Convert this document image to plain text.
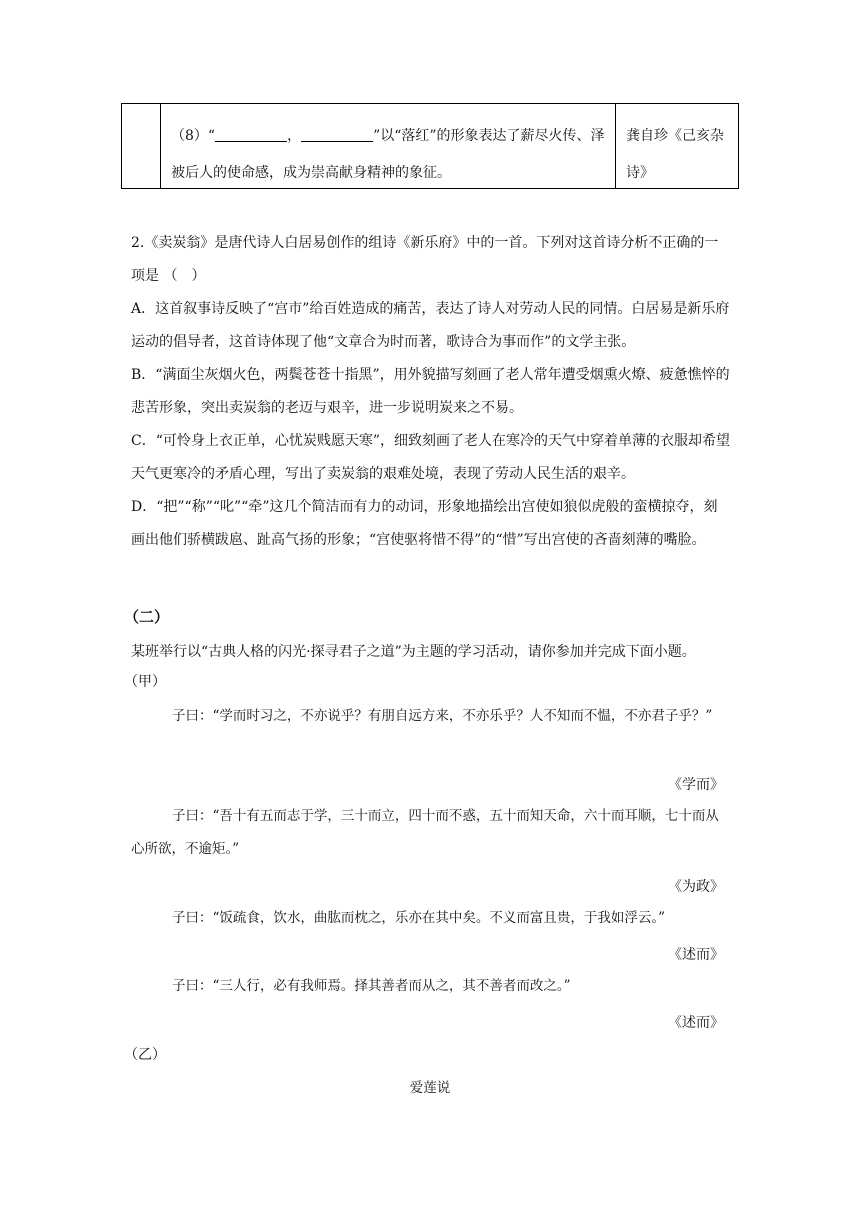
（8）“	，	”以“落红”的形象表达了薪尽火传、泽被后人的使命感，成为崇高献身精神的象征。
龚自珍《己亥杂诗》

2.《卖炭翁》是唐代诗人白居易创作的组诗《新乐府》中的一首。下列对这首诗分析不正确的一项是 （　）

A．这首叙事诗反映了“宫市”给百姓造成的痛苦，表达了诗人对劳动人民的同情。白居易是新乐府运动的倡导者，这首诗体现了他“文章合为时而著，歌诗合为事而作”的文学主张。

B．“满面尘灰烟火色，两鬓苍苍十指黑”，用外貌描写刻画了老人常年遭受烟熏火燎、疲惫憔悴的悲苦形象，突出卖炭翁的老迈与艰辛，进一步说明炭来之不易。

C．“可怜身上衣正单，心忧炭贱愿天寒”，细致刻画了老人在寒冷的天气中穿着单薄的衣服却希望天气更寒冷的矛盾心理，写出了卖炭翁的艰难处境，表现了劳动人民生活的艰辛。

D．“把”“称”“叱”“牵”这几个简洁而有力的动词，形象地描绘出宫使如狼似虎般的蛮横掠夺，刻画出他们骄横跋扈、趾高气扬的形象；“宫使驱将惜不得”的“惜”写出宫使的吝啬刻薄的嘴脸。

（二）
某班举行以“古典人格的闪光·探寻君子之道”为主题的学习活动，请你参加并完成下面小题。
（甲）
子曰：“学而时习之，不亦说乎？有朋自远方来，不亦乐乎？人不知而不愠，不亦君子乎？”
《学而》
子曰：“吾十有五而志于学，三十而立，四十而不惑，五十而知天命，六十而耳顺，七十而从心所欲，不逾矩。”
《为政》
子曰：“饭疏食，饮水，曲肱而枕之，乐亦在其中矣。不义而富且贵，于我如浮云。”
《述而》
子曰：“三人行，必有我师焉。择其善者而从之，其不善者而改之。”
《述而》
（乙）
爱莲说
